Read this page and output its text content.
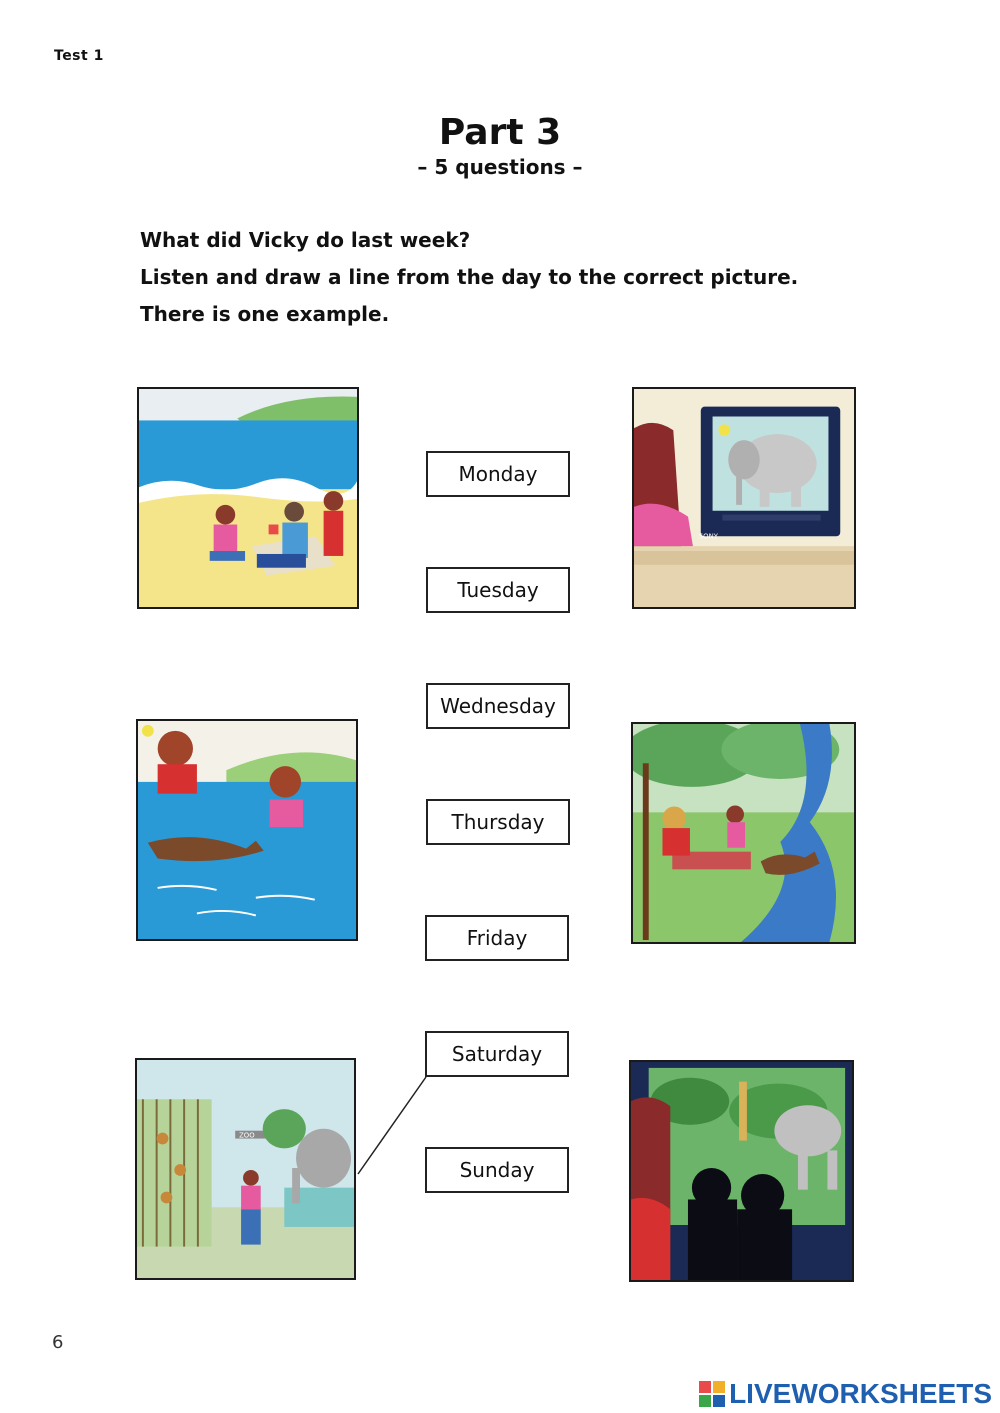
Test 1
Part 3
– 5 questions –
What did Vicky do last week?
Listen and draw a line from the day to the correct picture.
There is one example.
SONY
ZOO
Monday
Tuesday
Wednesday
Thursday
Friday
Saturday
Sunday
6
LIVEWORKSHEETS
